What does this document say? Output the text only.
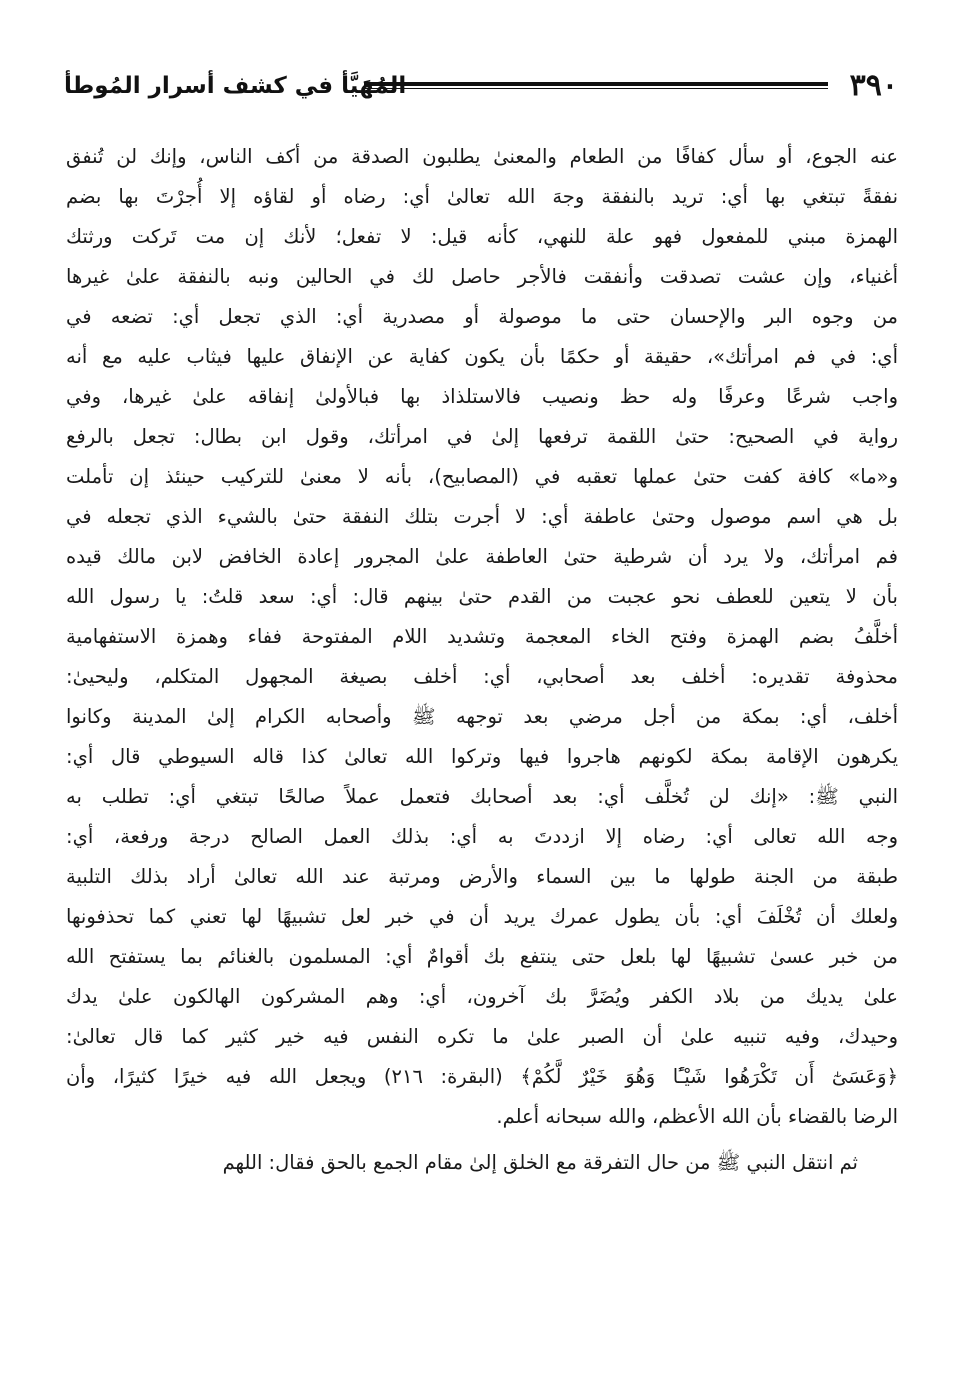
٣٩٠
المُهَيَّأ في كشف أسرار المُوطأ
عنه الجوع، أو سأل كفافًا من الطعام والمعنىٰ يطلبون الصدقة من أكف الناس، وإنك لن تُنفق
نفقةً تبتغي بها أي: تريد بالنفقة وجهَ الله تعالىٰ أي: رضاه أو لقاؤه إلا أُجرْتَ بها بضم
الهمزة مبني للمفعول فهو علة للنهي، كأنه قيل: لا تفعل؛ لأنك إن مت تَركت ورثتك
أغنياء، وإن عشت تصدقت وأنفقت فالأجر حاصل لك في الحالين ونبه بالنفقة علىٰ غيرها
من وجوه البر والإحسان حتى ما موصولة أو مصدرية أي: الذي تجعل أي: تضعه في
أي: في فم امرأتك»، حقيقة أو حكمًا بأن يكون كفاية عن الإنفاق عليها فيثاب عليه مع أنه
واجب شرعًا وعرفًا وله حظ ونصيب فالاستلذاذ بها فبالأولىٰ إنفاقه علىٰ غيرها، وفي
رواية في الصحيح: حتىٰ اللقمة ترفعها إلىٰ في امرأتك، وقول ابن بطال: تجعل بالرفع
و«ما» كافة كفت حتىٰ عملها تعقبه في (المصابيح)، بأنه لا معنىٰ للتركيب حينئذ إن تأملت
بل هي اسم موصول وحتىٰ عاطفة أي: لا أجرت بتلك النفقة حتىٰ بالشيء الذي تجعله في
فم امرأتك، ولا يرد أن شرطية حتىٰ العاطفة علىٰ المجرور إعادة الخافض لابن مالك قيده
بأن لا يتعين للعطف نحو عجبت من القدم حتىٰ بينهم قال: أي: سعد قلتُ: يا رسول الله
أخلَّفُ بضم الهمزة وفتح الخاء المعجمة وتشديد اللام المفتوحة ففاء وهمزة الاستفهامية
محذوفة تقديره: أخلف بعد أصحابي، أي: أخلف بصيغة المجهول المتكلم، وليحيىٰ:
أخلف، أي: بمكة من أجل مرضي بعد توجهه ﷺ وأصحابه الكرام إلىٰ المدينة وكانوا
يكرهون الإقامة بمكة لكونهم هاجروا فيها وتركوا الله تعالىٰ كذا قاله السيوطي قال أي:
النبي ﷺ: «إنك لن تُخلَّف أي: بعد أصحابك فتعمل عملاً صالحًا تبتغي أي: تطلب به
وجه الله تعالى أي: رضاه إلا ازددتَ به أي: بذلك العمل الصالح درجة ورفعة، أي:
طبقة من الجنة طولها ما بين السماء والأرض ومرتبة عند الله تعالىٰ أراد بذلك التلبية
ولعلك أن تُخْلَفَ أي: بأن يطول عمرك يريد أن في خبر لعل تشبيهًا لها تعني كما تحذفونها
من خبر عسىٰ تشبيهًا لها بلعل حتى ينتفع بك أقوامٌ أي: المسلمون بالغنائم بما يستفتح الله
علىٰ يديك من بلاد الكفر ويُضَرَّ بك آخرون، أي: وهم المشركون الهالكون علىٰ يدك
وحيدك، وفيه تنبيه علىٰ أن الصبر علىٰ ما تكره النفس فيه خير كثير كما قال تعالىٰ:
﴿وَعَسَىٰٓ أَن تَكْرَهُوا شَيْـًٔا وَهُوَ خَيْرٌ لَّكُمْ﴾ (البقرة: ٢١٦) ويجعل الله فيه خيرًا كثيرًا، وأن
الرضا بالقضاء بأن الله الأعظم، والله سبحانه أعلم.
ثم انتقل النبي ﷺ من حال التفرقة مع الخلق إلىٰ مقام الجمع بالحق فقال: اللهم
